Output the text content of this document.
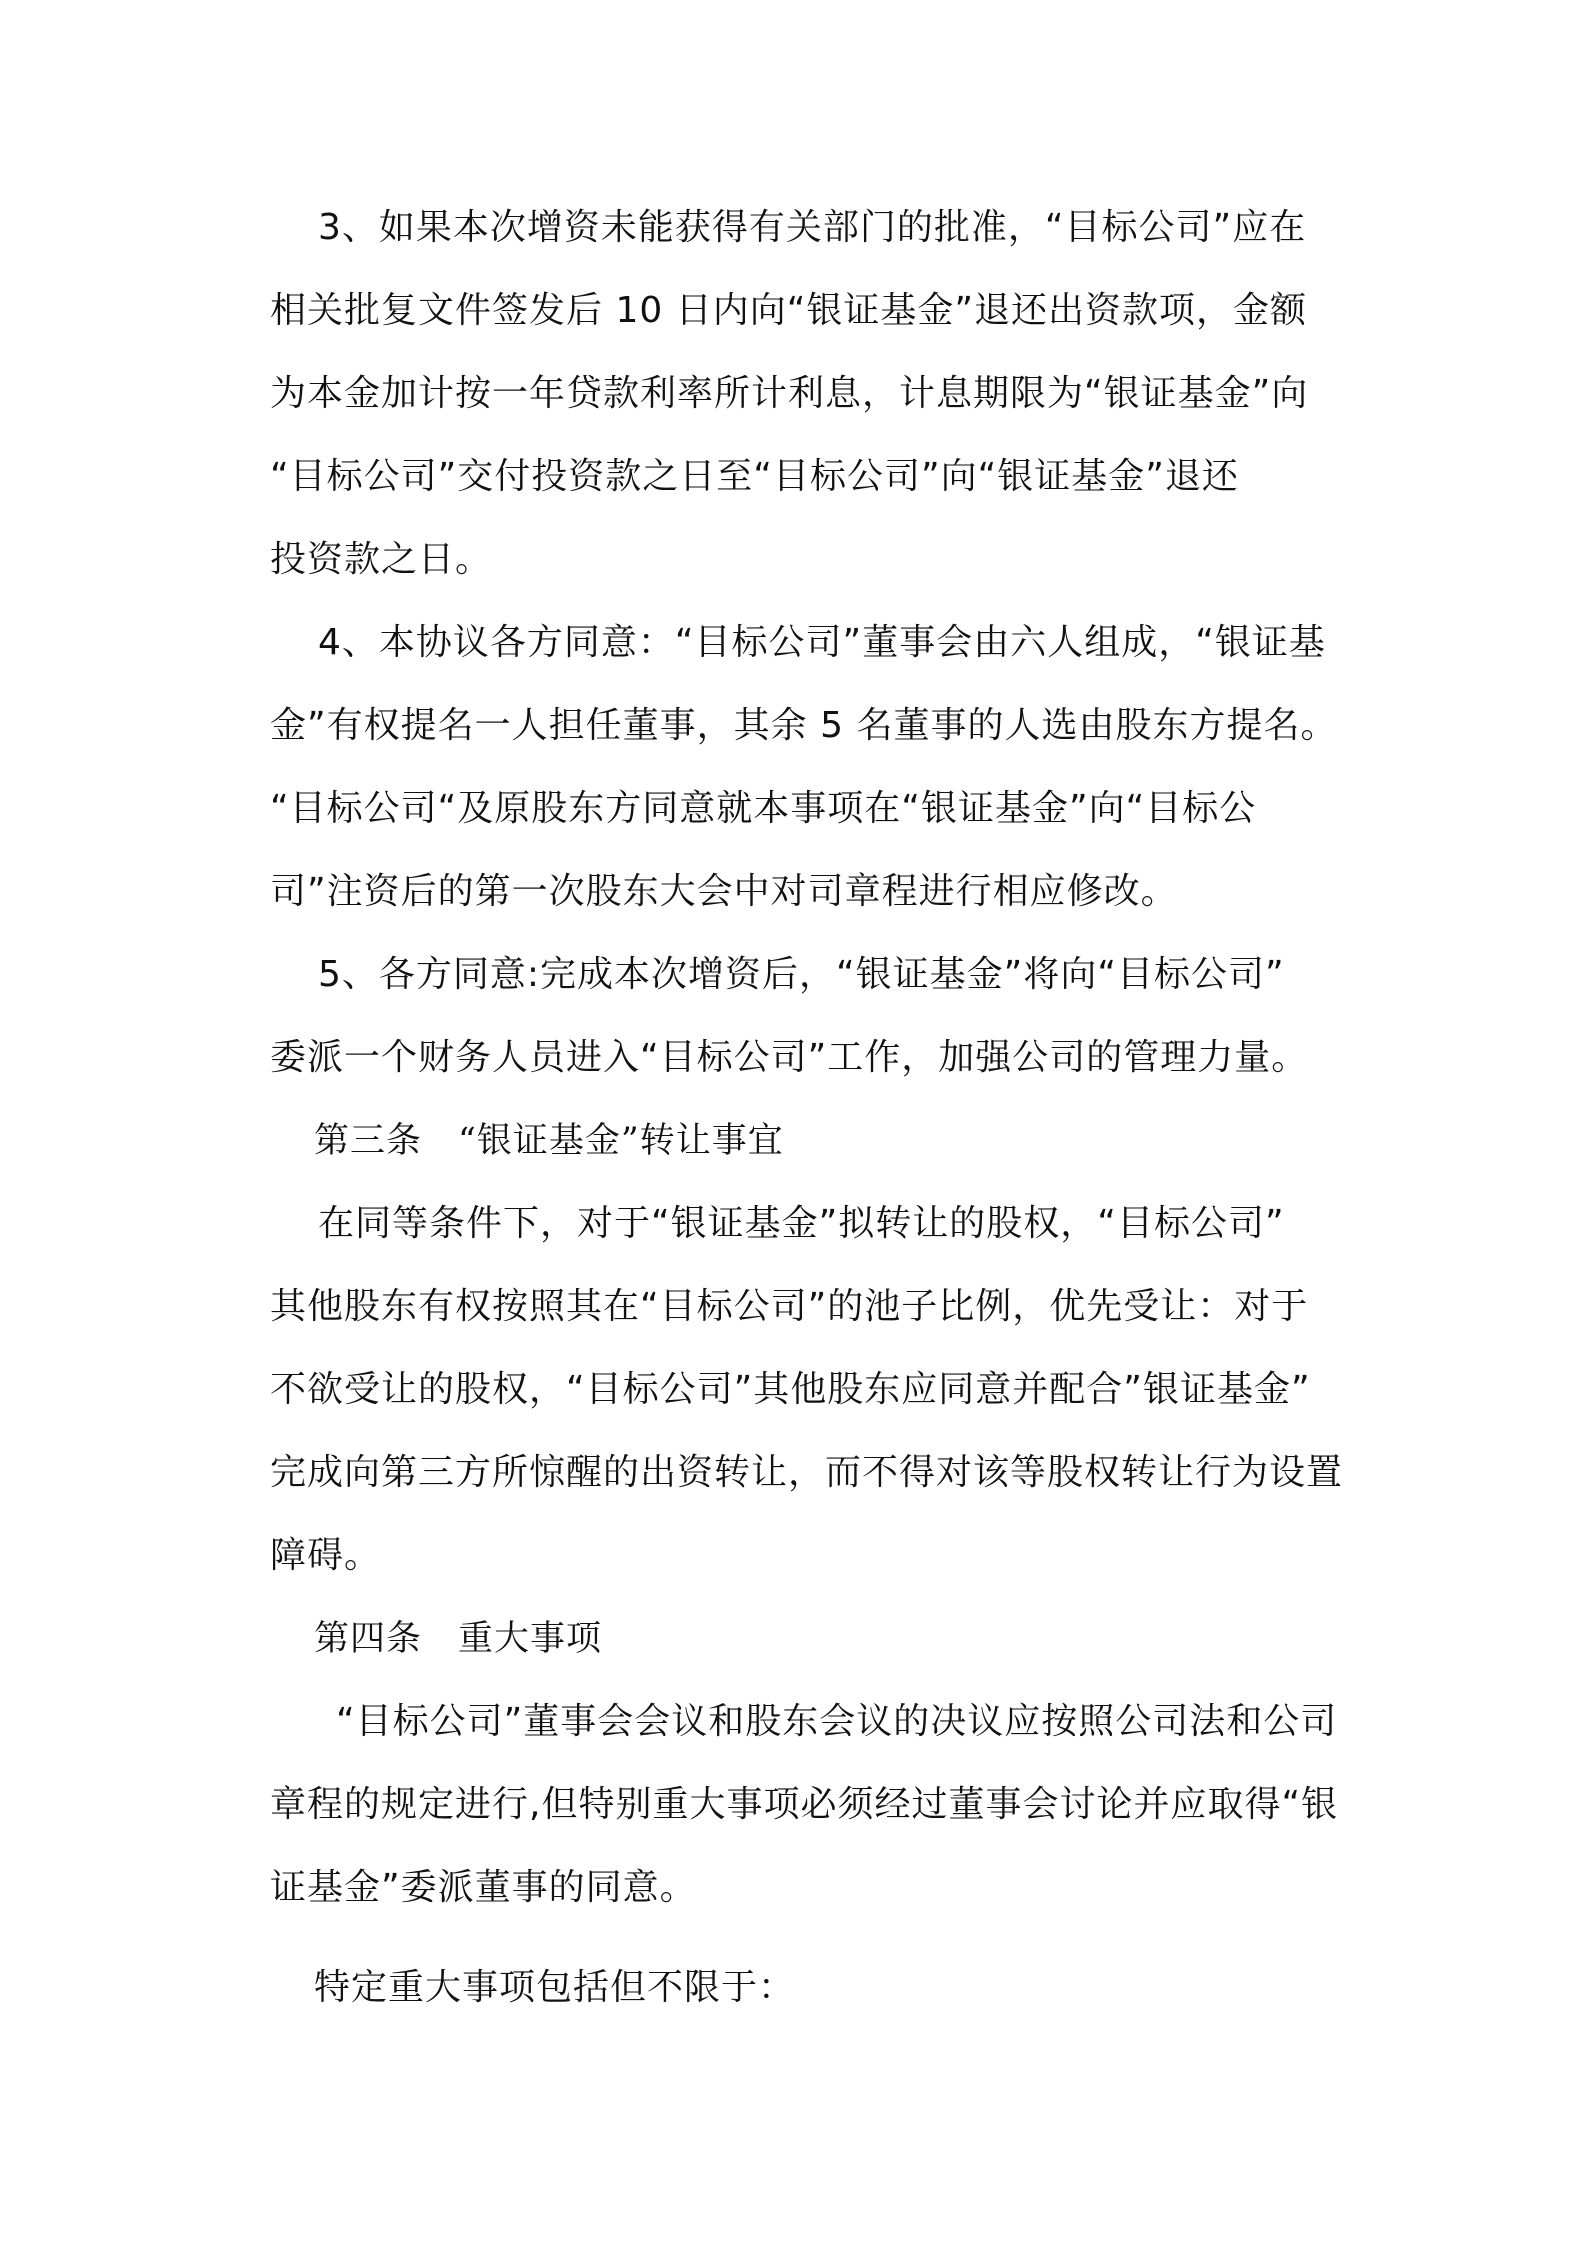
3、如果本次增资未能获得有关部门的批准，“目标公司”应在
相关批复文件签发后 10 日内向“银证基金”退还出资款项，金额
为本金加计按一年贷款利率所计利息，计息期限为“银证基金”向
“目标公司”交付投资款之日至“目标公司”向“银证基金”退还
投资款之日。
4、本协议各方同意：“目标公司”董事会由六人组成，“银证基
金”有权提名一人担任董事，其余 5 名董事的人选由股东方提名。
“目标公司“及原股东方同意就本事项在“银证基金”向“目标公
司”注资后的第一次股东大会中对司章程进行相应修改。
5、各方同意:完成本次增资后，“银证基金”将向“目标公司”
委派一个财务人员进入“目标公司”工作，加强公司的管理力量。
第三条　“银证基金”转让事宜
在同等条件下，对于“银证基金”拟转让的股权，“目标公司”
其他股东有权按照其在“目标公司”的池子比例，优先受让：对于
不欲受让的股权，“目标公司”其他股东应同意并配合”银证基金”
完成向第三方所惊醒的出资转让，而不得对该等股权转让行为设置
障碍。
第四条　重大事项
“目标公司”董事会会议和股东会议的决议应按照公司法和公司
章程的规定进行,但特别重大事项必须经过董事会讨论并应取得“银
证基金”委派董事的同意。
特定重大事项包括但不限于：
